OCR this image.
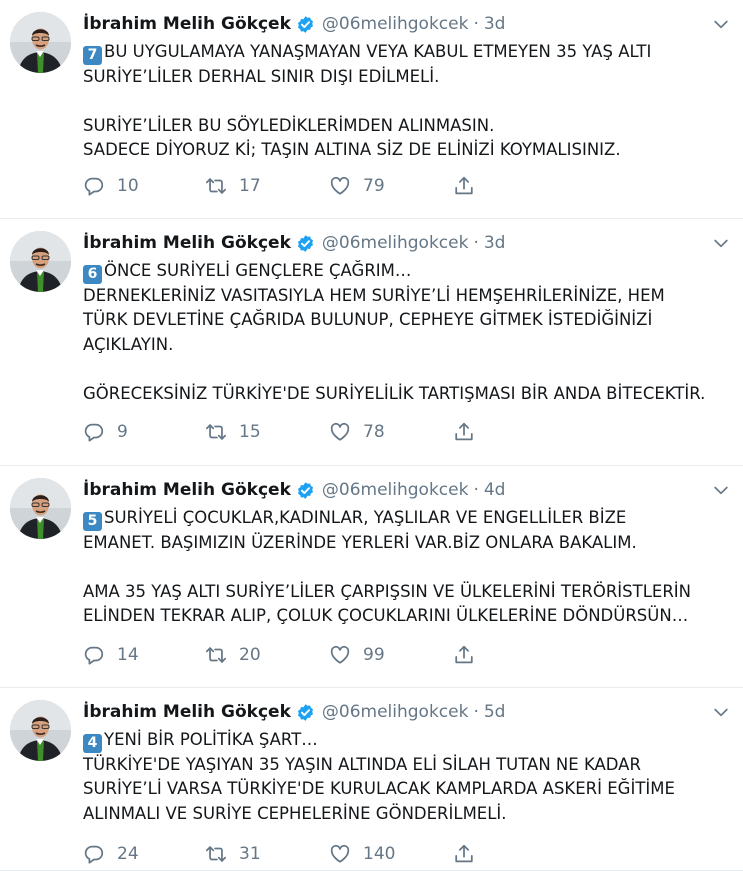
İbrahim Melih Gökçek @06melihgokcek · 3d
7 BU UYGULAMAYA YANAŞMAYAN VEYA KABUL ETMEYEN 35 YAŞ ALTI
SURİYE’LİLER DERHAL SINIR DIŞI EDİLMELİ.
SURİYE’LİLER BU SÖYLEDİKLERİMDEN ALINMASIN.
SADECE DİYORUZ Kİ; TAŞIN ALTINA SİZ DE ELİNİZİ KOYMALISINIZ.
10	17	79
İbrahim Melih Gökçek @06melihgokcek · 3d
6 ÖNCE SURİYELİ GENÇLERE ÇAĞRIM…
DERNEKLERİNİZ VASITASIYLA HEM SURİYE’Lİ HEMŞEHRİLERİNİZE, HEM
TÜRK DEVLETİNE ÇAĞRIDA BULUNUP, CEPHEYE GİTMEK İSTEDİĞİNİZİ
AÇIKLAYIN.
GÖRECEKSİNİZ TÜRKİYE'DE SURİYELİLİK TARTIŞMASI BİR ANDA BİTECEKTİR.
9	15	78
İbrahim Melih Gökçek @06melihgokcek · 4d
5 SURİYELİ ÇOCUKLAR,KADINLAR, YAŞLILAR VE ENGELLİLER BİZE
EMANET. BAŞIMIZIN ÜZERİNDE YERLERİ VAR.BİZ ONLARA BAKALIM.
AMA 35 YAŞ ALTI SURİYE’LİLER ÇARPIŞSIN VE ÜLKELERİNİ TERÖRİSTLERİN
ELİNDEN TEKRAR ALIP, ÇOLUK ÇOCUKLARINI ÜLKELERİNE DÖNDÜRSÜN…
14	20	99
İbrahim Melih Gökçek @06melihgokcek · 5d
4 YENİ BİR POLİTİKA ŞART…
TÜRKİYE'DE YAŞIYAN 35 YAŞIN ALTINDA ELİ SİLAH TUTAN NE KADAR
SURİYE’Lİ VARSA TÜRKİYE'DE KURULACAK KAMPLARDA ASKERİ EĞİTİME
ALINMALI VE SURİYE CEPHELERİNE GÖNDERİLMELİ.
24	31	140
